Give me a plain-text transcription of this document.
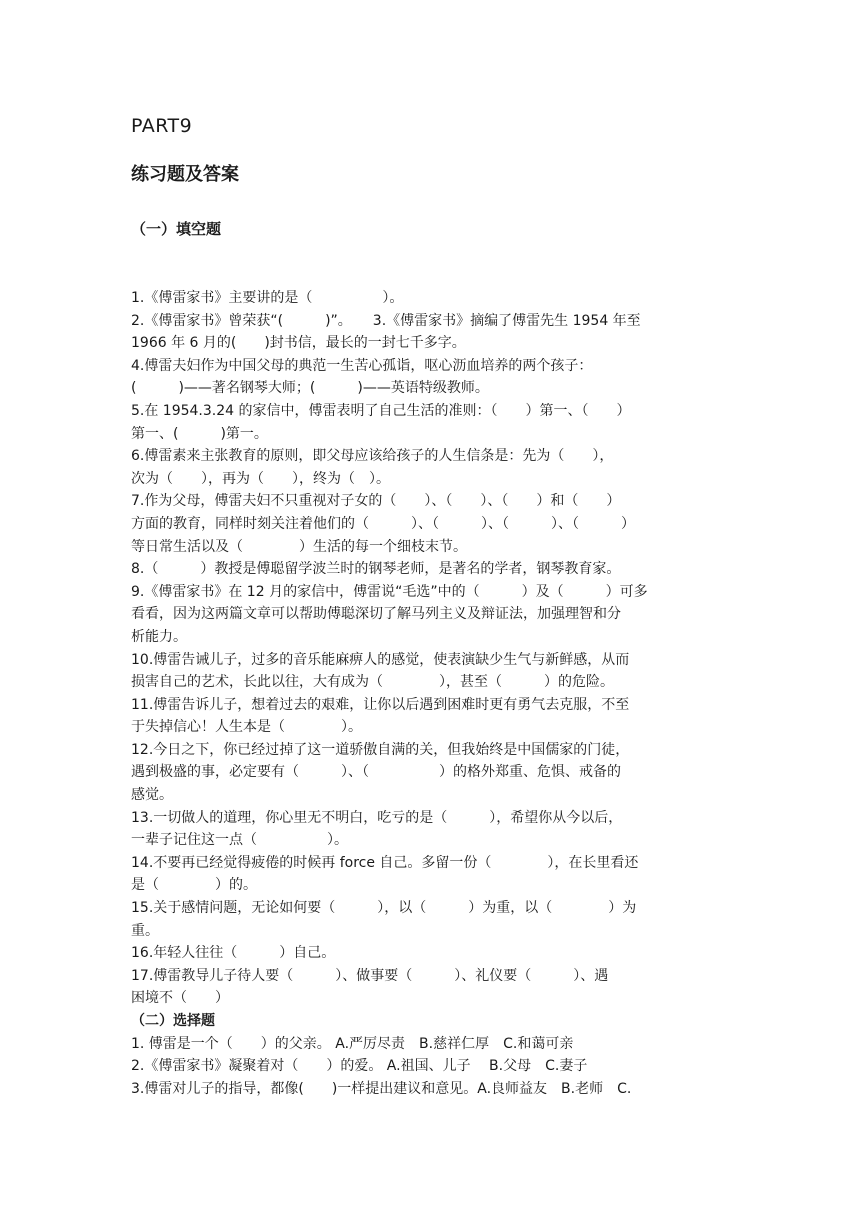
PART9
练习题及答案
（一）填空题
1.《傅雷家书》主要讲的是（　　　　　）。
2.《傅雷家书》曾荣获“(　　　)”。　　3.《傅雷家书》摘编了傅雷先生 1954 年至
1966 年 6 月的(　　)封书信，最长的一封七千多字。
4.傅雷夫妇作为中国父母的典范一生苦心孤诣，呕心沥血培养的两个孩子：
(　　　)——著名钢琴大师；(　　　)——英语特级教师。
5.在 1954.3.24 的家信中，傅雷表明了自己生活的准则：（　　）第一、（　　）
第一、(　　　)第一。
6.傅雷素来主张教育的原则，即父母应该给孩子的人生信条是：先为（　　），
次为（　　），再为（　　），终为（　）。
7.作为父母，傅雷夫妇不只重视对子女的（　　）、（　　）、（　　）和（　　）
方面的教育，同样时刻关注着他们的（　　　）、（　　　）、（　　　）、（　　　）
等日常生活以及（　　　　）生活的每一个细枝末节。
8.（　　　）教授是傅聪留学波兰时的钢琴老师，是著名的学者，钢琴教育家。
9.《傅雷家书》在 12 月的家信中，傅雷说“毛选”中的（　　　）及（　　　）可多
看看，因为这两篇文章可以帮助傅聪深切了解马列主义及辩证法，加强理智和分
析能力。
10.傅雷告诫儿子，过多的音乐能麻痹人的感觉，使表演缺少生气与新鲜感，从而
损害自己的艺术，长此以往，大有成为（　　　　），甚至（　　　）的危险。
11.傅雷告诉儿子，想着过去的艰难，让你以后遇到困难时更有勇气去克服，不至
于失掉信心！人生本是（　　　　）。
12.今日之下，你已经过掉了这一道骄傲自满的关，但我始终是中国儒家的门徒，
遇到极盛的事，必定要有（　　　）、（　　　　　）的格外郑重、危惧、戒备的
感觉。
13.一切做人的道理，你心里无不明白，吃亏的是（　　　），希望你从今以后，
一辈子记住这一点（　　　　　）。
14.不要再已经觉得疲倦的时候再 force 自己。多留一份（　　　　），在长里看还
是（　　　　）的。
15.关于感情问题，无论如何要（　　　），以（　　　）为重，以（　　　　）为
重。
16.年轻人往往（　　　）自己。
17.傅雷教导儿子待人要（　　　）、做事要（　　　）、礼仪要（　　　）、遇
困境不（　　）
（二）选择题
1. 傅雷是一个（　　）的父亲。 A.严厉尽责　B.慈祥仁厚　C.和蔼可亲
2.《傅雷家书》凝聚着对（　　）的爱。 A.祖国、儿子　 B.父母　C.妻子
3.傅雷对儿子的指导，都像(　　)一样提出建议和意见。A.良师益友　B.老师　C.
